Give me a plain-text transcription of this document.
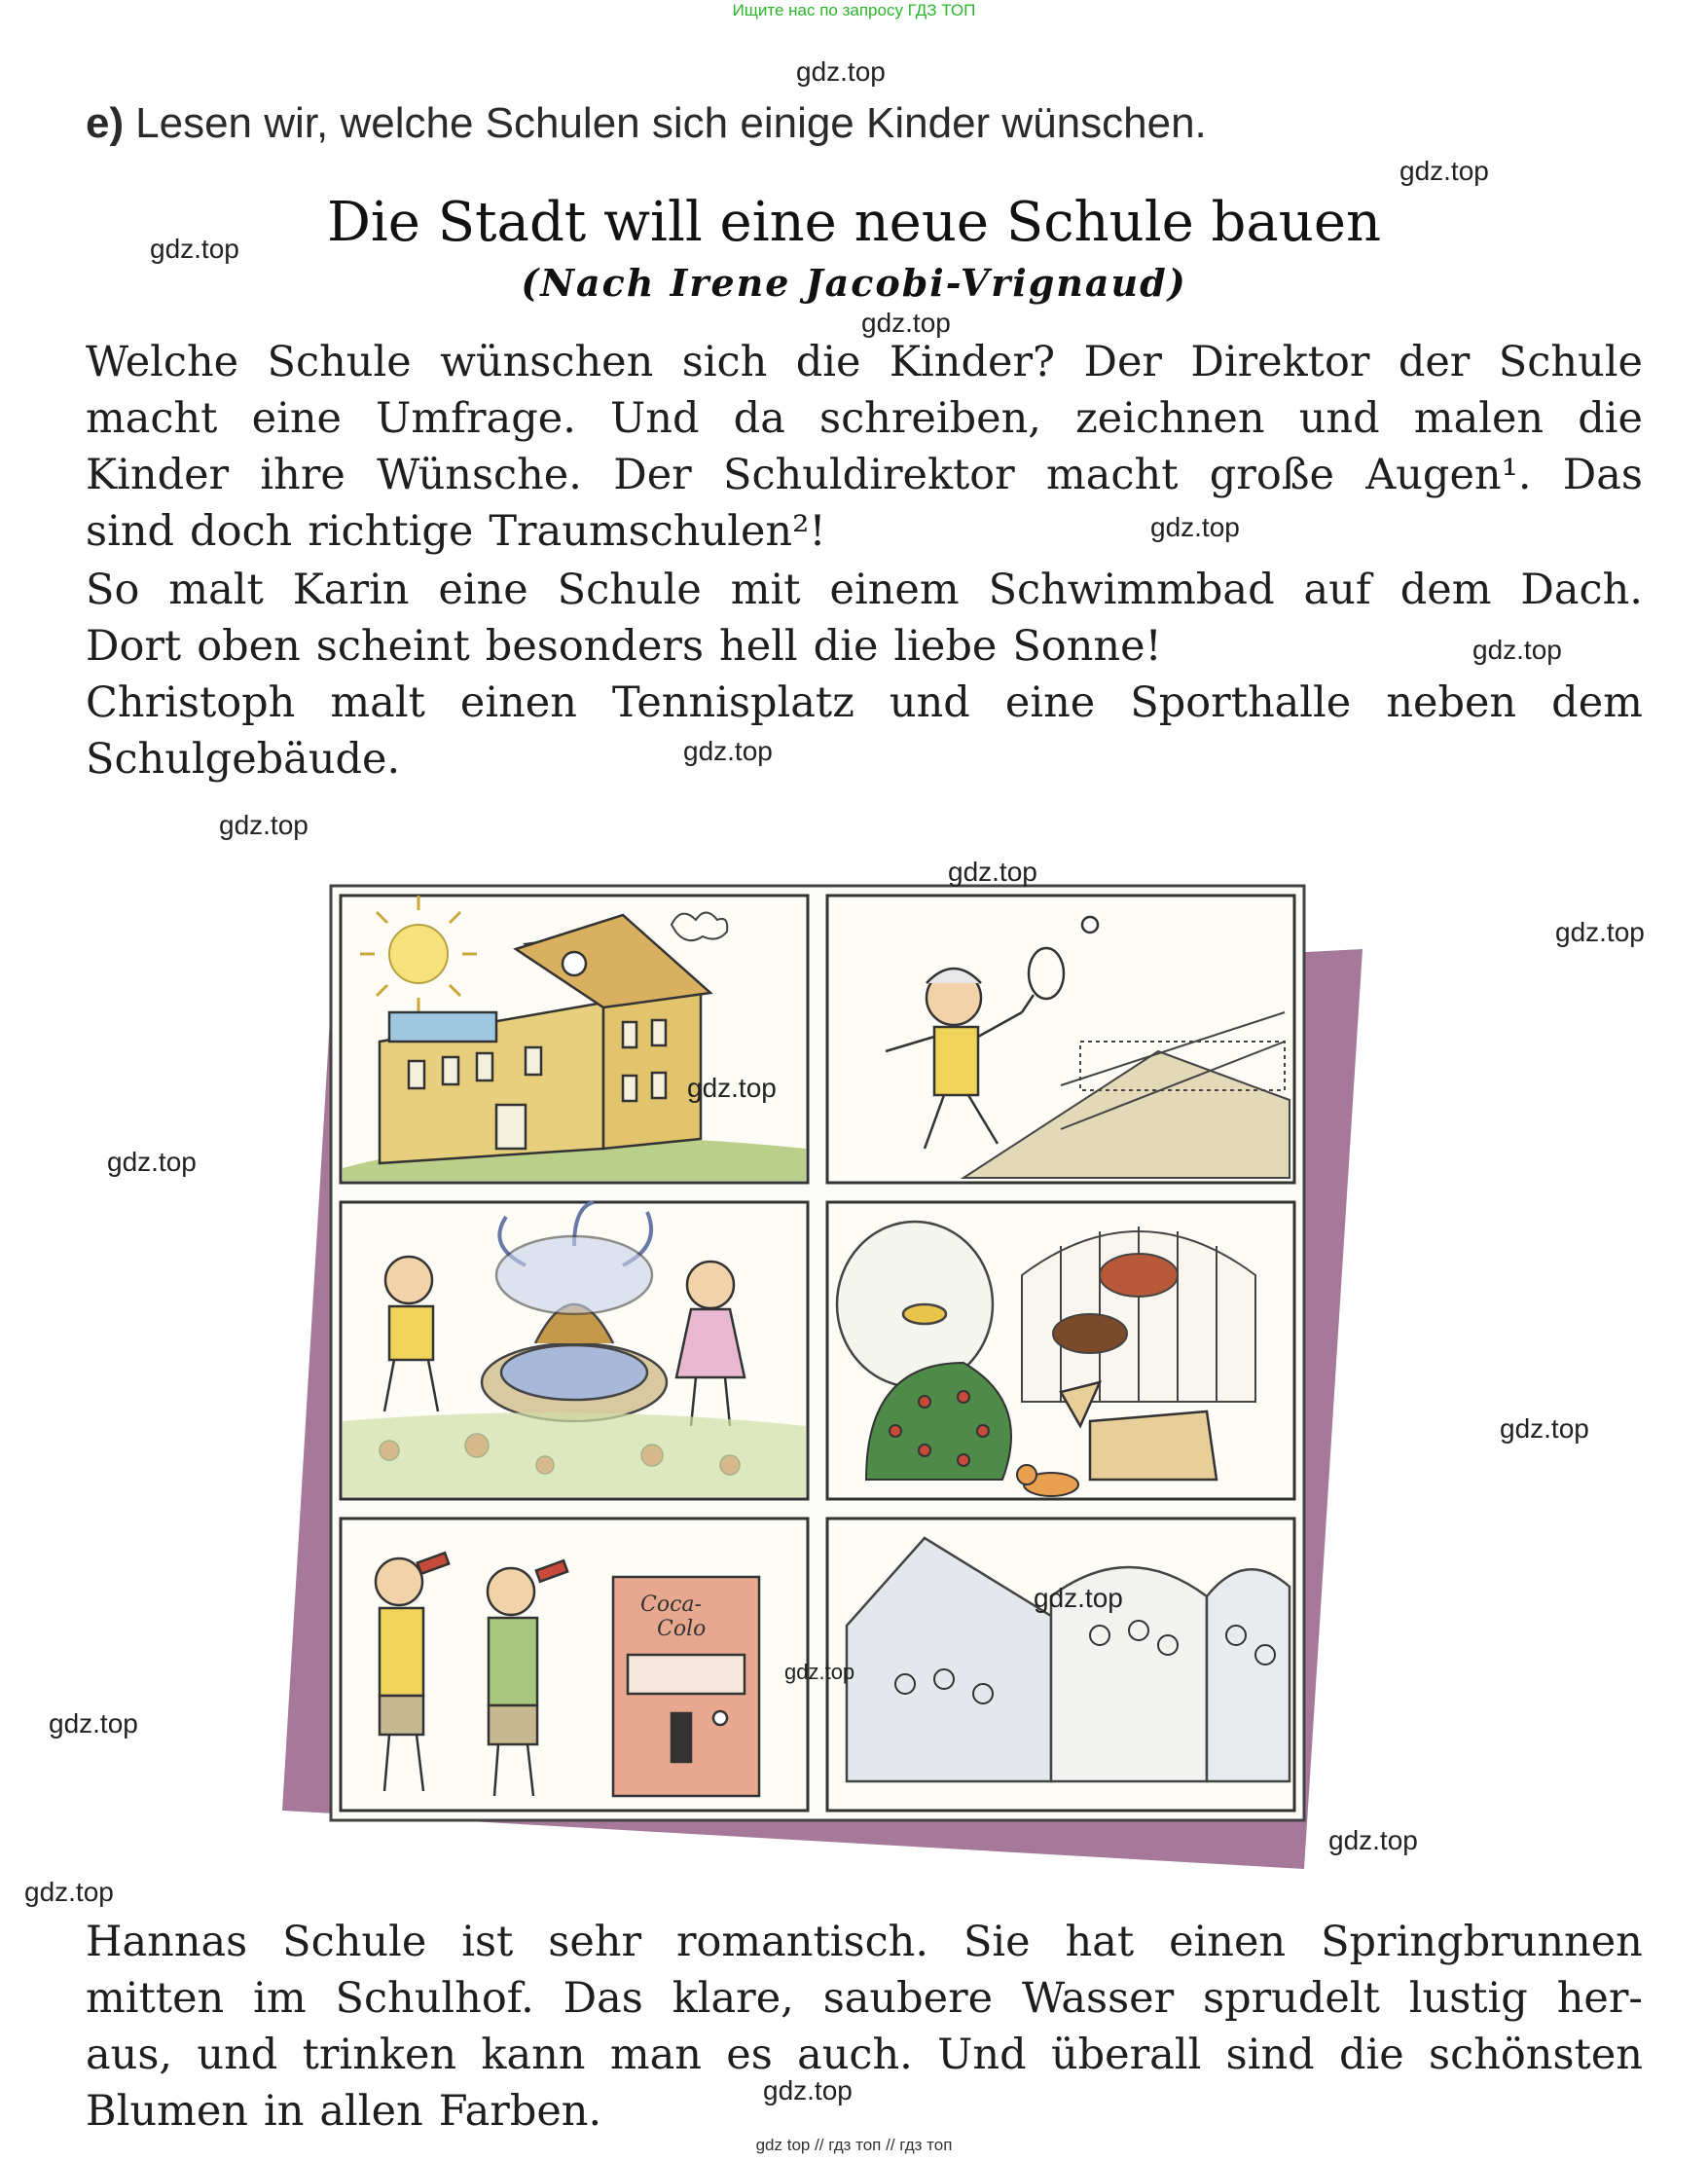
Ищите нас по запросу ГДЗ ТОП
e) Lesen wir, welche Schulen sich einige Kinder wünschen.
Die Stadt will eine neue Schule bauen
(Nach Irene Jacobi-Vrignaud)
Welche Schule wünschen sich die Kinder? Der Direktor der Schule
macht eine Umfrage. Und da schreiben, zeichnen und malen die
Kinder ihre Wünsche. Der Schuldirektor macht große Augen¹. Das
sind doch richtige Traumschulen²!
So malt Karin eine Schule mit einem Schwimmbad auf dem Dach.
Dort oben scheint besonders hell die liebe Sonne!
Christoph malt einen Tennisplatz und eine Sporthalle neben dem
Schulgebäude.
Hannas Schule ist sehr romantisch. Sie hat einen Springbrunnen
mitten im Schulhof. Das klare, saubere Wasser sprudelt lustig her-
aus, und trinken kann man es auch. Und überall sind die schönsten
Blumen in allen Farben.
Coca-
Colo
gdz.top
gdz.top
gdz.top
gdz.top
gdz.top
gdz.top
gdz.top
gdz.top
gdz.top
gdz.top
gdz.top
gdz.top
gdz.top
gdz.top
gdz.top
gdz.top
gdz.top
gdz.top
gdz.top
gdz top // гдз топ // гдз топ
